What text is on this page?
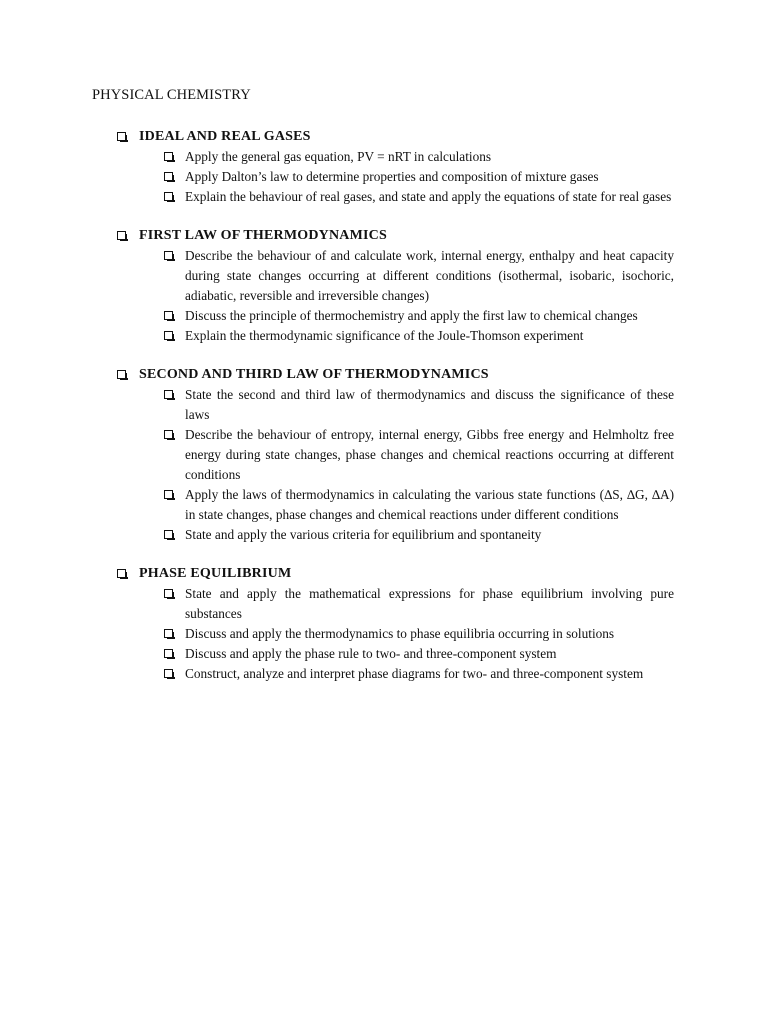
PHYSICAL CHEMISTRY
IDEAL AND REAL GASES
Apply the general gas equation, PV = nRT in calculations
Apply Dalton’s law to determine properties and composition of mixture gases
Explain the behaviour of real gases, and state and apply the equations of state for real gases
FIRST LAW OF THERMODYNAMICS
Describe the behaviour of and calculate work, internal energy, enthalpy and heat capacity during state changes occurring at different conditions (isothermal, isobaric, isochoric, adiabatic, reversible and irreversible changes)
Discuss the principle of thermochemistry and apply the first law to chemical changes
Explain the thermodynamic significance of the Joule-Thomson experiment
SECOND AND THIRD LAW OF THERMODYNAMICS
State the second and third law of thermodynamics and discuss the significance of these laws
Describe the behaviour of entropy, internal energy, Gibbs free energy and Helmholtz free energy during state changes, phase changes and chemical reactions occurring at different conditions
Apply the laws of thermodynamics in calculating the various state functions (∆S, ∆G, ∆A) in state changes, phase changes and chemical reactions under different conditions
State and apply the various criteria for equilibrium and spontaneity
PHASE EQUILIBRIUM
State and apply the mathematical expressions for phase equilibrium involving pure substances
Discuss and apply the thermodynamics to phase equilibria occurring in solutions
Discuss and apply the phase rule to two- and three-component system
Construct, analyze and interpret phase diagrams for two- and three-component system
